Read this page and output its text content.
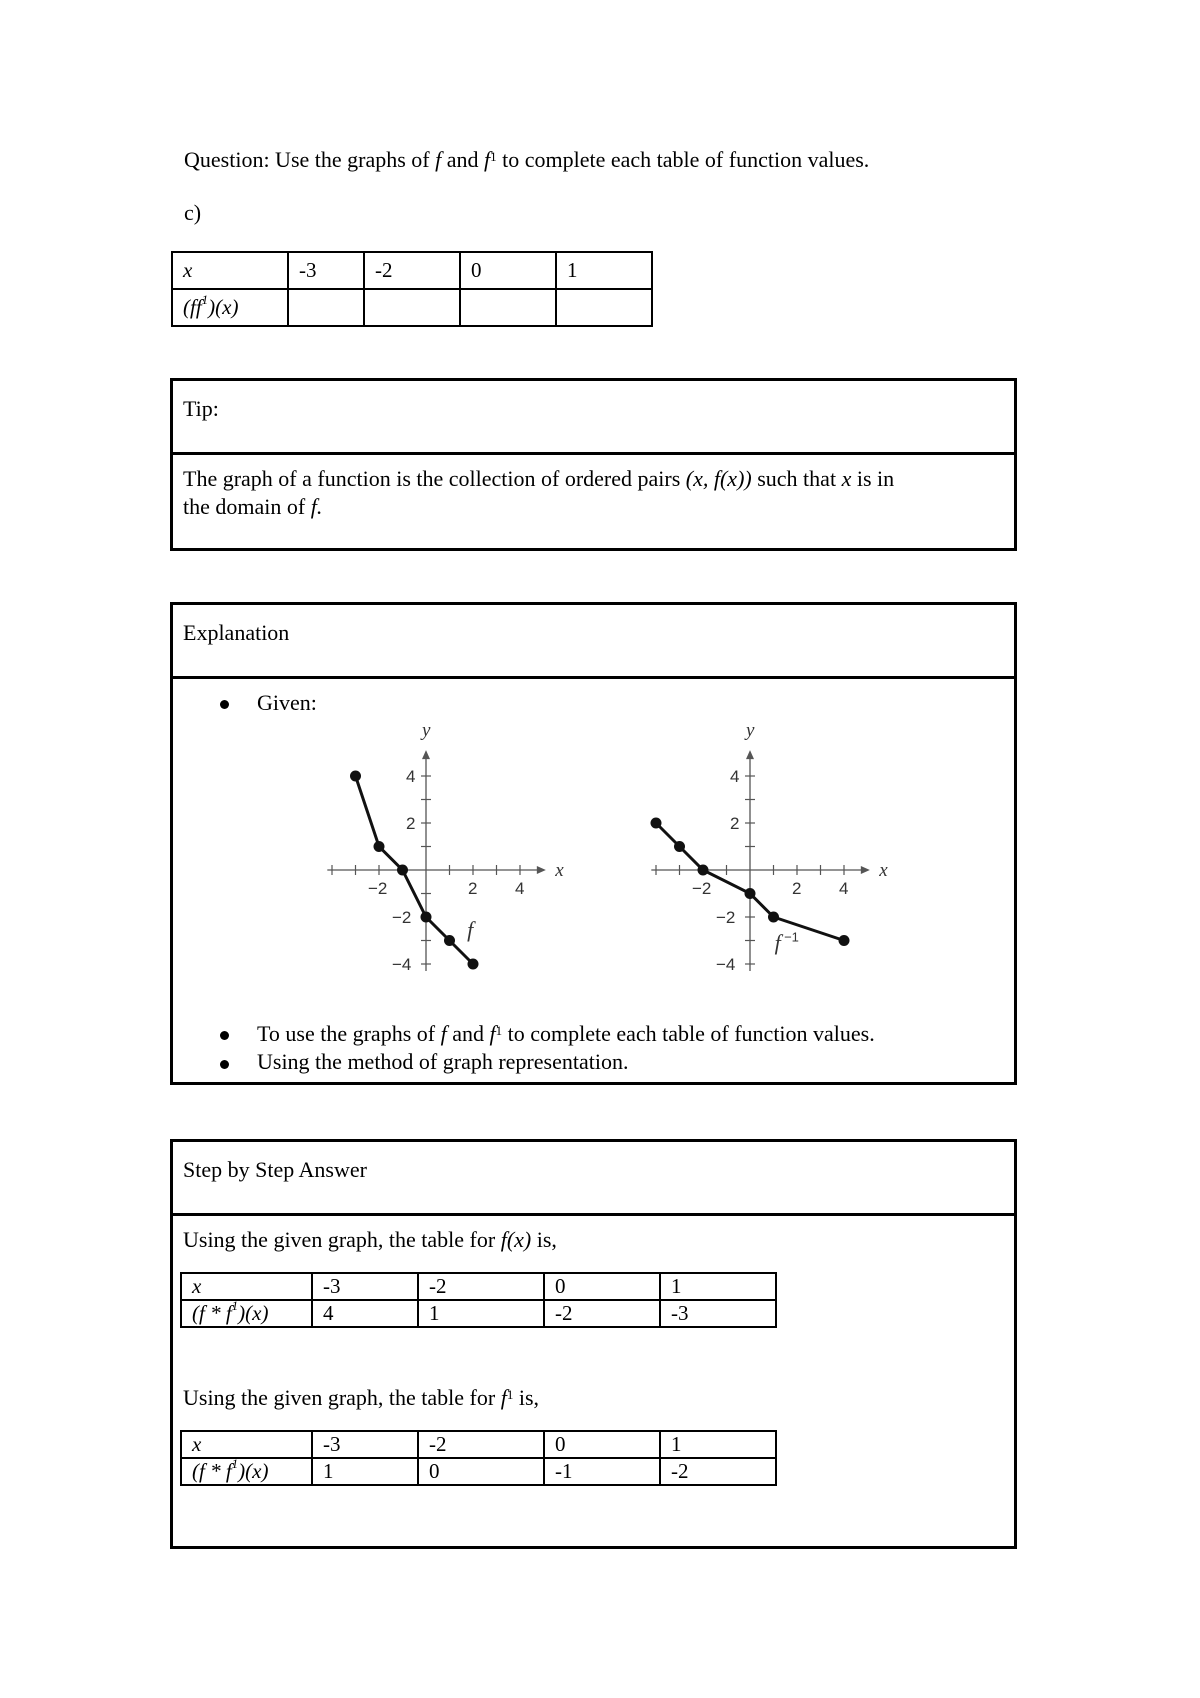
Question: Use the graphs of f and $f^1$ to complete each table of function values.
c)
x	-3	-2	0	1
$(ff^1)(x)$				
Tip:
The graph of a function is the collection of ordered pairs (x, f(x)) such that x is in
the domain of f.
Explanation
Given:
x
y
−2	2 4
4
2
−2
−4
f
x
y
−2	2 4
4
2
−2
−4
f −1
To use the graphs of f and $f^1$ to complete each table of function values.
Using the method of graph representation.
Step by Step Answer
Using the given graph, the table for f(x) is,
x	-3	-2	0	1
$(f * f^1)(x)$	4	1	-2	-3
Using the given graph, the table for $f^1$ is,
x	-3	-2	0	1
$(f * f^1)(x)$	1	0	-1	-2
